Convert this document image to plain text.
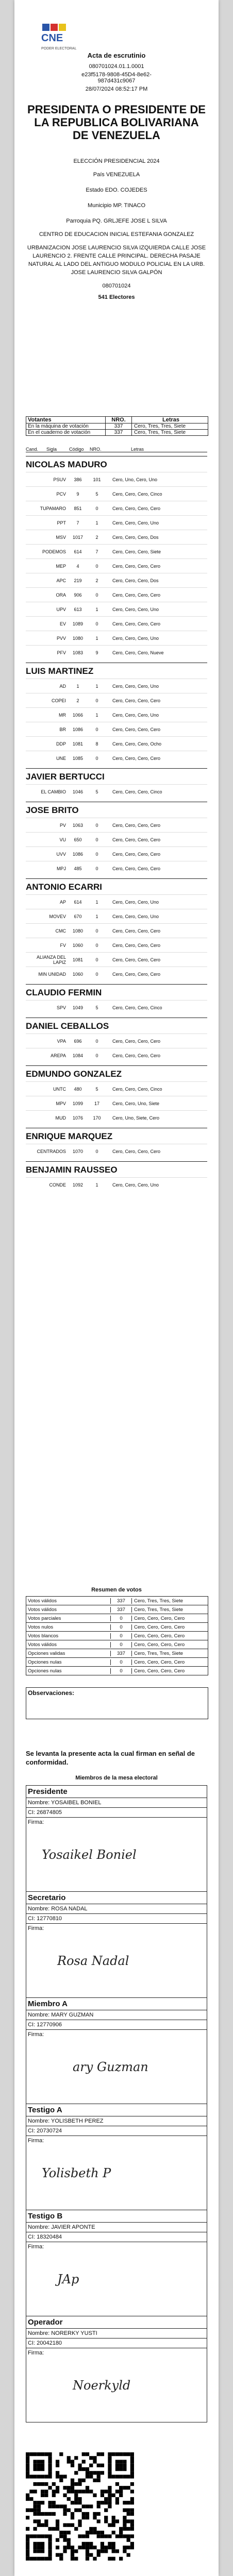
CNE
PODER ELECTORAL
Acta de escrutinio
080701024.01.1.0001
e23f5178-9808-45D4-8e62-
987d431c9067
28/07/2024 08:52:17 PM
PRESIDENTA O PRESIDENTE DE LA REPUBLICA BOLIVARIANA DE VENEZUELA
ELECCIÓN PRESIDENCIAL 2024
País VENEZUELA
Estado EDO. COJEDES
Municipio MP. TINACO
Parroquia PQ. GRLJEFE JOSE L SILVA
CENTRO DE EDUCACION INICIAL ESTEFANIA GONZALEZ
URBANIZACION JOSE LAURENCIO SILVA IZQUIERDA CALLE JOSE LAURENCIO 2. FRENTE CALLE PRINCIPAL. DERECHA PASAJE NATURAL AL LADO DEL ANTIGUO MODULO POLICIAL EN LA URB. JOSE LAURENCIO SILVA GALPÓN
080701024
541 Electores
Votantes	NRO.	Letras
En la máquina de votación	337	Cero, Tres, Tres, Siete
En el cuaderno de votación	337	Cero, Tres, Tres, Siete
Cand.	Sigla	Código	NRO.	Letras
NICOLAS MADURO
PSUV	386	101	Cero, Uno, Cero, Uno
PCV	9	5	Cero, Cero, Cero, Cinco
TUPAMARO	851	0	Cero, Cero, Cero, Cero
PPT	7	1	Cero, Cero, Cero, Uno
MSV	1017	2	Cero, Cero, Cero, Dos
PODEMOS	614	7	Cero, Cero, Cero, Siete
MEP	4	0	Cero, Cero, Cero, Cero
APC	219	2	Cero, Cero, Cero, Dos
ORA	906	0	Cero, Cero, Cero, Cero
UPV	613	1	Cero, Cero, Cero, Uno
EV	1089	0	Cero, Cero, Cero, Cero
PVV	1080	1	Cero, Cero, Cero, Uno
PFV	1083	9	Cero, Cero, Cero, Nueve
LUIS MARTINEZ
AD	1	1	Cero, Cero, Cero, Uno
COPEI	2	0	Cero, Cero, Cero, Cero
MR	1066	1	Cero, Cero, Cero, Uno
BR	1086	0	Cero, Cero, Cero, Cero
DDP	1081	8	Cero, Cero, Cero, Ocho
UNE	1085	0	Cero, Cero, Cero, Cero
JAVIER BERTUCCI
EL CAMBIO	1046	5	Cero, Cero, Cero, Cinco
JOSE BRITO
PV	1063	0	Cero, Cero, Cero, Cero
VU	650	0	Cero, Cero, Cero, Cero
UVV	1086	0	Cero, Cero, Cero, Cero
MPJ	485	0	Cero, Cero, Cero, Cero
ANTONIO ECARRI
AP	614	1	Cero, Cero, Cero, Uno
MOVEV	670	1	Cero, Cero, Cero, Uno
CMC	1080	0	Cero, Cero, Cero, Cero
FV	1060	0	Cero, Cero, Cero, Cero
ALIANZA DEL LAPIZ	1081	0	Cero, Cero, Cero, Cero
MIN UNIDAD	1060	0	Cero, Cero, Cero, Cero
CLAUDIO FERMIN
SPV	1049	5	Cero, Cero, Cero, Cinco
DANIEL CEBALLOS
VPA	696	0	Cero, Cero, Cero, Cero
AREPA	1084	0	Cero, Cero, Cero, Cero
EDMUNDO GONZALEZ
UNTC	480	5	Cero, Cero, Cero, Cinco
MPV	1099	17	Cero, Cero, Uno, Siete
MUD	1076	170	Cero, Uno, Siete, Cero
ENRIQUE MARQUEZ
CENTRADOS	1070	0	Cero, Cero, Cero, Cero
BENJAMIN RAUSSEO
CONDE	1092	1	Cero, Cero, Cero, Uno
Resumen de votos
Votos válidos	337	Cero, Tres, Tres, Siete
Votos válidos	337	Cero, Tres, Tres, Siete
Votos parciales	0	Cero, Cero, Cero, Cero
Votos nulos	0	Cero, Cero, Cero, Cero
Votos blancos	0	Cero, Cero, Cero, Cero
Votos válidos	0	Cero, Cero, Cero, Cero
Opciones validas	337	Cero, Tres, Tres, Siete
Opciones nulas	0	Cero, Cero, Cero, Cero
Opciones nulas	0	Cero, Cero, Cero, Cero
Observaciones:
Se levanta la presente acta la cual firman en señal de conformidad.
Miembros de la mesa electoral
Presidente
Nombre: YOSAIBEL BONIEL
CI: 26874805
Firma:
Yosaikel Boniel
Secretario
Nombre: ROSA NADAL
CI: 12770810
Firma:
Rosa Nadal
Miembro A
Nombre: MARY GUZMAN
CI: 12770906
Firma:
ary Guzman
Testigo A
Nombre: YOLISBETH PEREZ
CI: 20730724
Firma:
Yolisbeth P
Testigo B
Nombre: JAVIER APONTE
CI: 18320484
Firma:
JAp
Operador
Nombre: NORERKY YUSTI
CI: 20042180
Firma:
Noerkyld
